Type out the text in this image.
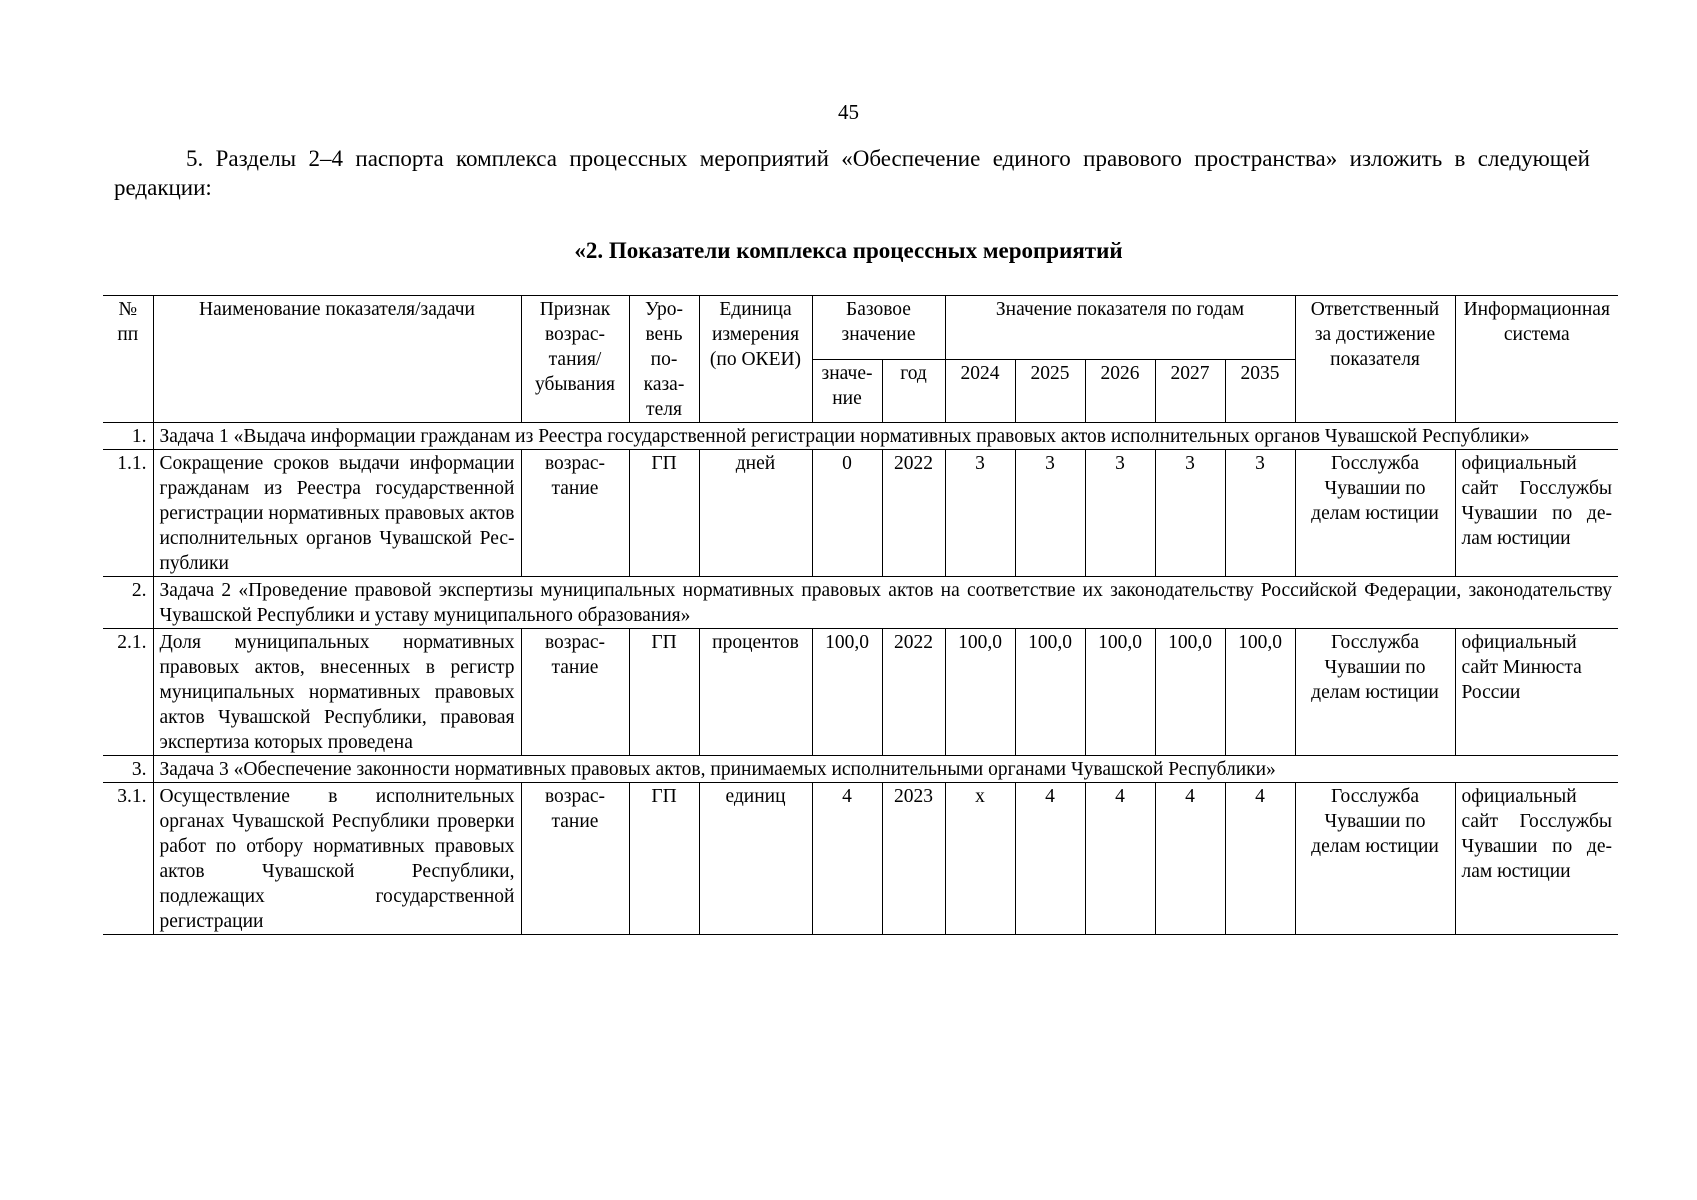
45
5. Разделы 2–4 паспорта комплекса процессных мероприятий «Обеспечение единого правового пространства» изложить в следующей редакции:
«2. Показатели комплекса процессных мероприятий
№ пп	Наименование показателя/задачи	Признак возрастания/ убывания	Уровень показателя	Единица измерения (по ОКЕИ)	Базовое значение		Значение показателя по годам					Ответственный за достижение показателя	Информационная система
					значение	год	2024	2025	2026	2027	2035		
1.	Задача 1 «Выдача информации гражданам из Реестра государственной регистрации нормативных правовых актов исполнительных органов Чувашской Республики»												
1.1.	Сокращение сроков выдачи информации гражданам из Реестра государственной регистрации нормативных правовых актов исполнительных органов Чувашской Республики	возрастание	ГП	дней	0	2022	3	3	3	3	3	Госслужба Чувашии по делам юстиции	официальный сайт Госслужбы Чувашии по делам юстиции
2.	Задача 2 «Проведение правовой экспертизы муниципальных нормативных правовых актов на соответствие их законодательству Российской Федерации, законодательству Чувашской Республики и уставу муниципального образования»												
2.1.	Доля муниципальных нормативных правовых актов, внесенных в регистр муниципальных нормативных правовых актов Чувашской Республики, правовая экспертиза которых проведена	возрастание	ГП	процентов	100,0	2022	100,0	100,0	100,0	100,0	100,0	Госслужба Чувашии по делам юстиции	официальный сайт Минюста России
3.	Задача 3 «Обеспечение законности нормативных правовых актов, принимаемых исполнительными органами Чувашской Республики»												
3.1.	Осуществление в исполнительных органах Чувашской Республики проверки работ по отбору нормативных правовых актов Чувашской Республики, подлежащих государственной регистрации	возрастание	ГП	единиц	4	2023	х	4	4	4	4	Госслужба Чувашии по делам юстиции	официальный сайт Госслужбы Чувашии по делам юстиции
